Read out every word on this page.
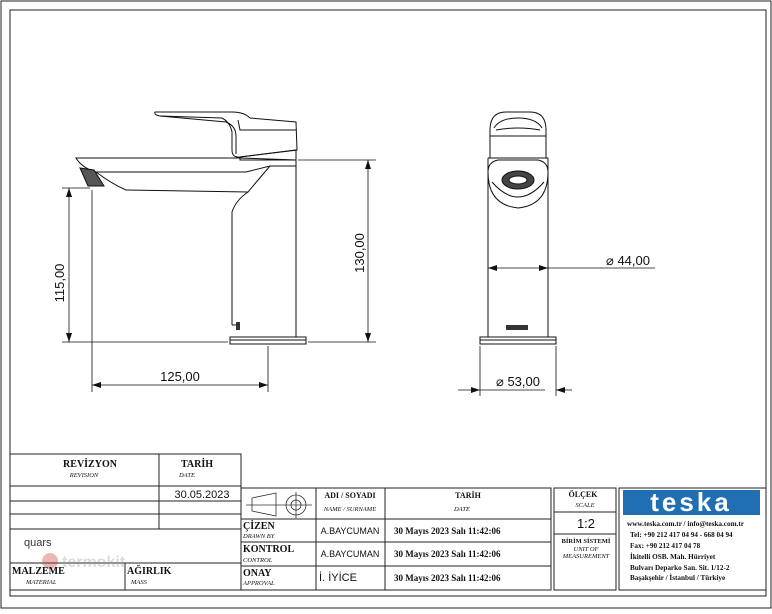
115,00
130,00
125,00
⌀ 44,00
⌀ 53,00
REVİZYON
REVISION
TARİH
DATE
30.05.2023
quars
termokit
MALZEME
MATERIAL
AĞIRLIK
MASS
ADI / SOYADI
NAME / SURNAME
TARİH
DATE
ÇİZEN
DRAWN BY
A.BAYCUMAN 30 Mayıs 2023 Salı 11:42:06
KONTROL
CONTROL
A.BAYCUMAN 30 Mayıs 2023 Salı 11:42:06
ONAY
APPROVAL	İ. İYİCE	30 Mayıs 2023 Salı 11:42:06
ÖLÇEK
SCALE
1:2
BİRİM SİSTEMİ
UNIT OF
MEASUREMENT
teska
www.teska.com.tr / info@teska.com.tr
Tel: +90 212 417 04 94 - 668 04 94
Fax: +90 212 417 04 78
İkitelli OSB. Mah. Hürriyet
Bulvarı Deparko San. Sit. 1/12-2
Başakşehir / İstanbul / Türkiye
